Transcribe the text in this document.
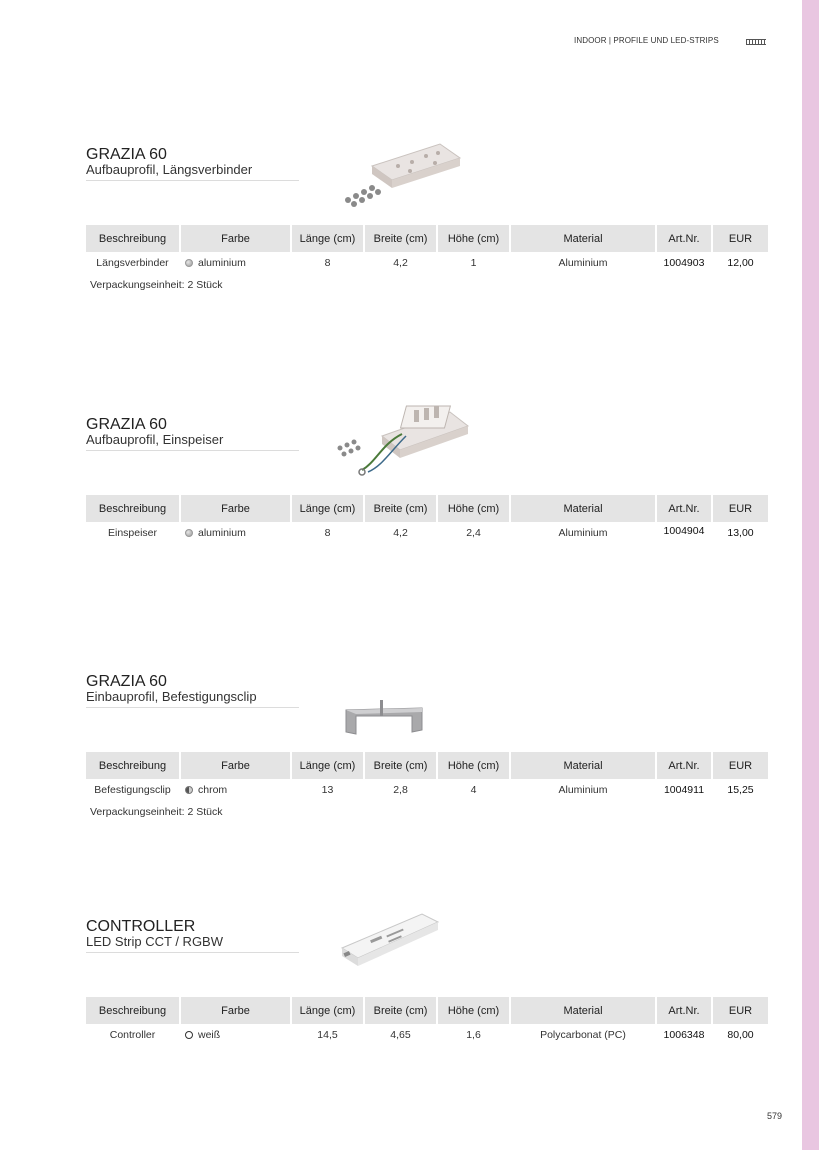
INDOOR | PROFILE UND LED-STRIPS
GRAZIA 60
Aufbauprofil, Längsverbinder
Beschreibung	Farbe	Länge (cm)	Breite (cm)	Höhe (cm)	Material	Art.Nr.	EUR
Längsverbinder	aluminium	8	4,2	1	Aluminium	1004903	12,00
Verpackungseinheit: 2 Stück
GRAZIA 60
Aufbauprofil, Einspeiser
Beschreibung	Farbe	Länge (cm)	Breite (cm)	Höhe (cm)	Material	Art.Nr.	EUR
Einspeiser	aluminium	8	4,2	2,4	Aluminium	1004904	13,00
GRAZIA 60
Einbauprofil, Befestigungsclip
Beschreibung	Farbe	Länge (cm)	Breite (cm)	Höhe (cm)	Material	Art.Nr.	EUR
Befestigungsclip	chrom	13	2,8	4	Aluminium	1004911	15,25
Verpackungseinheit: 2 Stück
CONTROLLER
LED Strip CCT / RGBW
Beschreibung	Farbe	Länge (cm)	Breite (cm)	Höhe (cm)	Material	Art.Nr.	EUR
Controller	weiß	14,5	4,65	1,6	Polycarbonat (PC)	1006348	80,00
579
